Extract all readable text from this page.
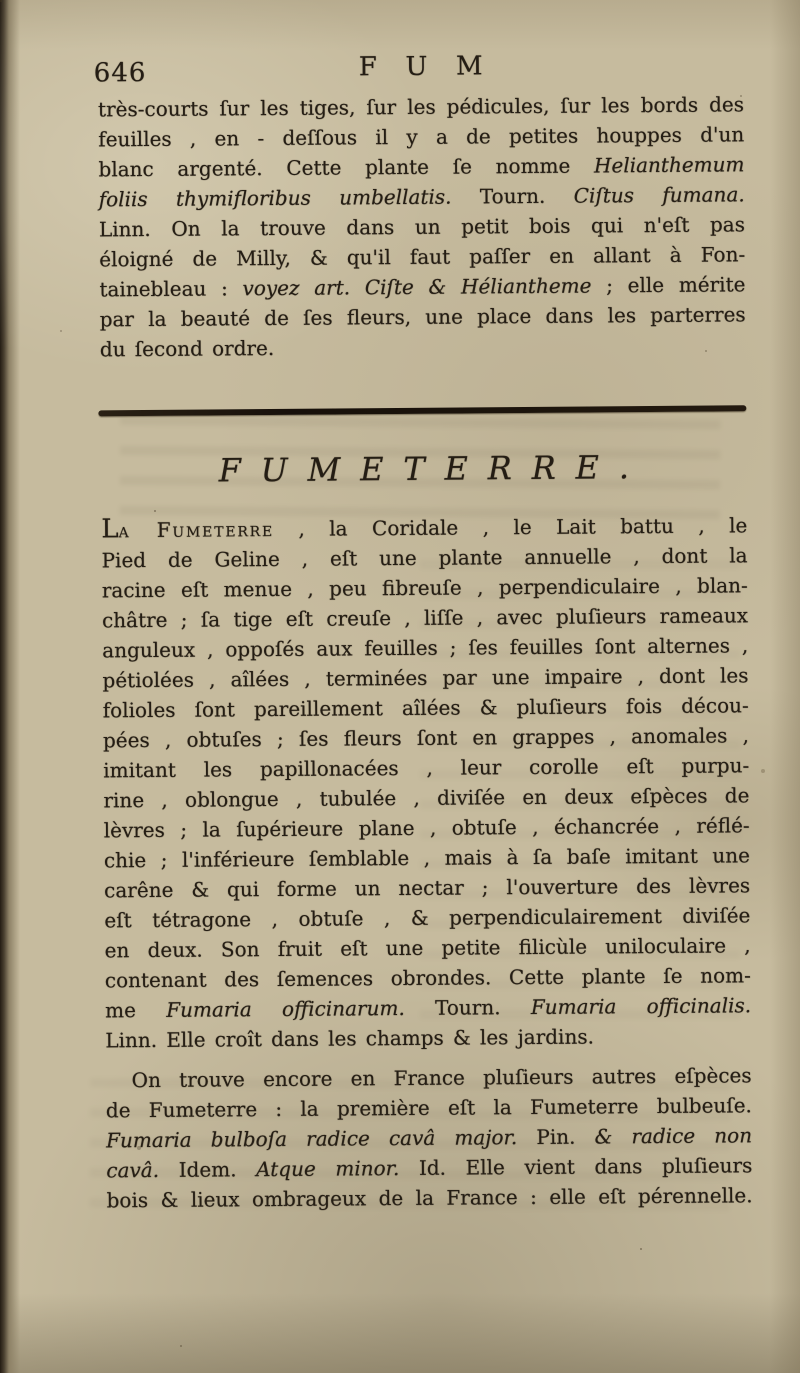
646	FUM
très-courts ſur les tiges, ſur les pédicules, ſur les bords des
feuilles , en - deſſous il y a de petites houppes d'un
blanc argenté. Cette plante ſe nomme Helianthemum
foliis thymifloribus umbellatis. Tourn. Ciſtus fumana.
Linn. On la trouve dans un petit bois qui n'eſt pas
éloigné de Milly, & qu'il faut paſſer en allant à Fon-
tainebleau : voyez art. Ciſte & Héliantheme ; elle mérite
par la beauté de ſes fleurs, une place dans les parterres
du ſecond ordre.
FUMETERRE.
La Fumeterre , la Coridale , le Lait battu , le
Pied de Geline , eſt une plante annuelle , dont la
racine eſt menue , peu fibreuſe , perpendiculaire , blan-
châtre ; ſa tige eſt creuſe , liſſe , avec pluſieurs rameaux
anguleux , oppoſés aux feuilles ; ſes feuilles ſont alternes ,
pétiolées , aîlées , terminées par une impaire , dont les
folioles ſont pareillement aîlées & pluſieurs fois décou-
pées , obtuſes ; ſes fleurs ſont en grappes , anomales ,
imitant les papillonacées , leur corolle eſt purpu-
rine , oblongue , tubulée , diviſée en deux eſpèces de
lèvres ; la ſupérieure plane , obtuſe , échancrée , réflé-
chie ; l'inférieure ſemblable , mais à ſa baſe imitant une
carêne & qui forme un nectar ; l'ouverture des lèvres
eſt tétragone , obtuſe , & perpendiculairement diviſée
en deux. Son fruit eſt une petite filicùle uniloculaire ,
contenant des ſemences obrondes. Cette plante ſe nom-
me Fumaria officinarum. Tourn. Fumaria officinalis.
Linn. Elle croît dans les champs & les jardins.
On trouve encore en France pluſieurs autres eſpèces
de Fumeterre : la première eſt la Fumeterre bulbeuſe.
Fumaria bulboſa radice cavâ major. Pin. & radice non
cavâ. Idem. Atque minor. Id. Elle vient dans pluſieurs
bois & lieux ombrageux de la France : elle eſt pérennelle.
